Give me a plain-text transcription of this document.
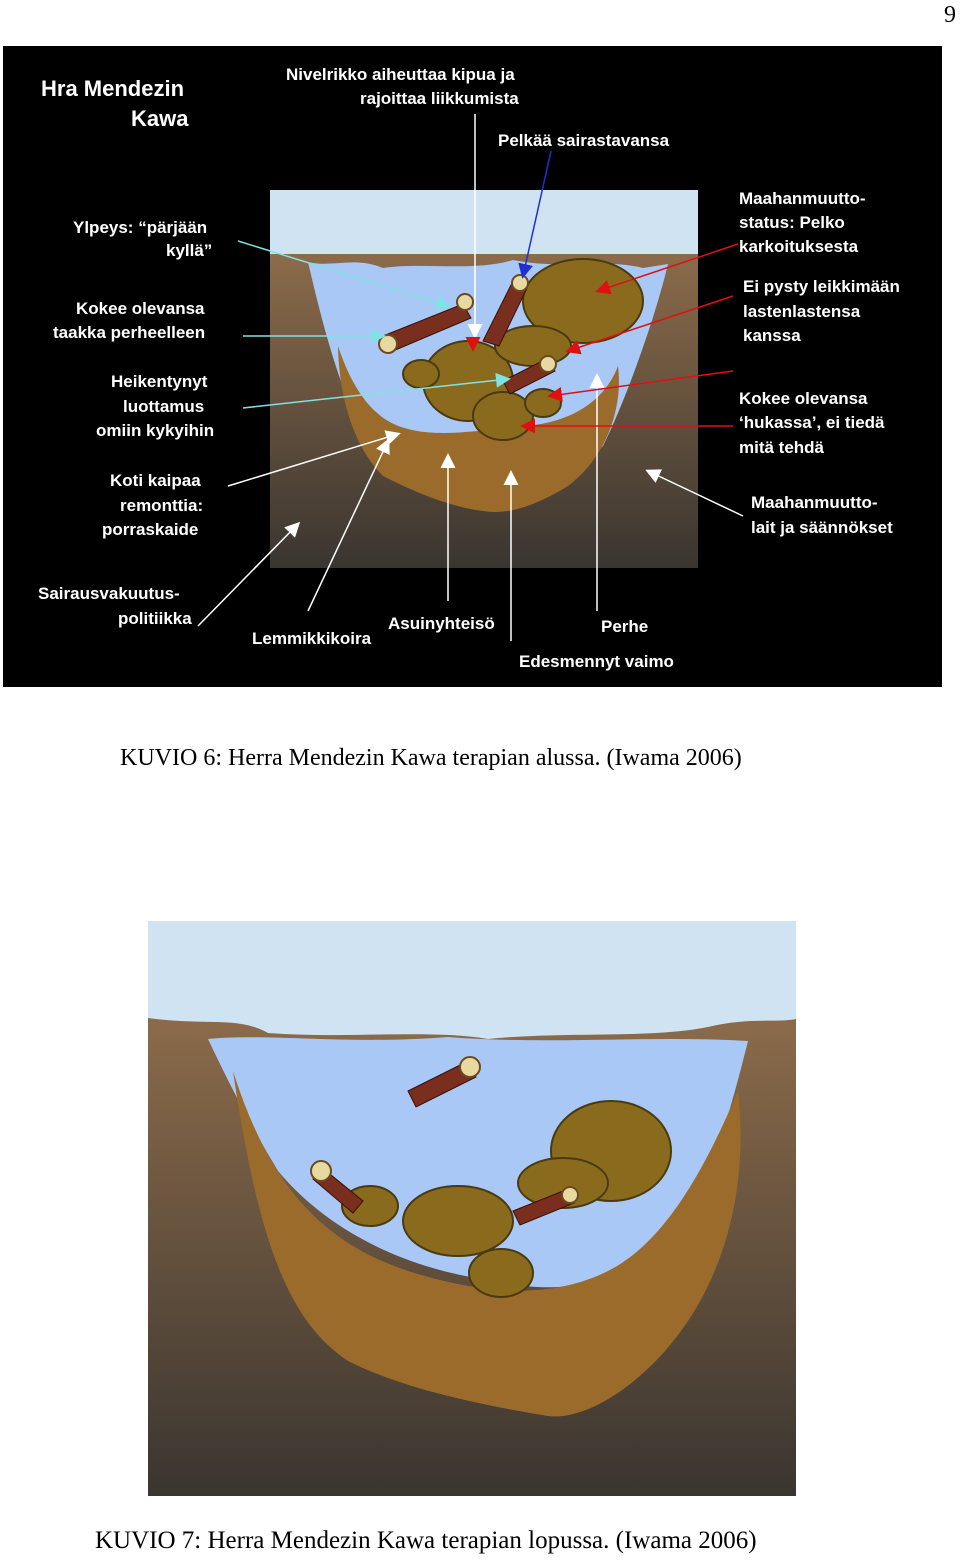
9
Hra Mendezin
Kawa
Nivelrikko aiheuttaa kipua ja
rajoittaa liikkumista
Pelkää sairastavansa
Ylpeys: “pärjään
kyllä”
Kokee olevansa
taakka perheelleen
Heikentynyt
luottamus
omiin kykyihin
Koti kaipaa
remonttia:
porraskaide
Sairausvakuutus-
politiikka
Lemmikkikoira
Asuinyhteisö	Perhe
Edesmennyt vaimo
Maahanmuutto-
status: Pelko
karkoituksesta
Ei pysty leikkimään
lastenlastensa
kanssa
Kokee olevansa
‘hukassa’, ei tiedä
mitä tehdä
Maahanmuutto-
lait ja säännökset
KUVIO 6: Herra Mendezin Kawa terapian alussa. (Iwama 2006)
KUVIO 7: Herra Mendezin Kawa terapian lopussa. (Iwama 2006)
